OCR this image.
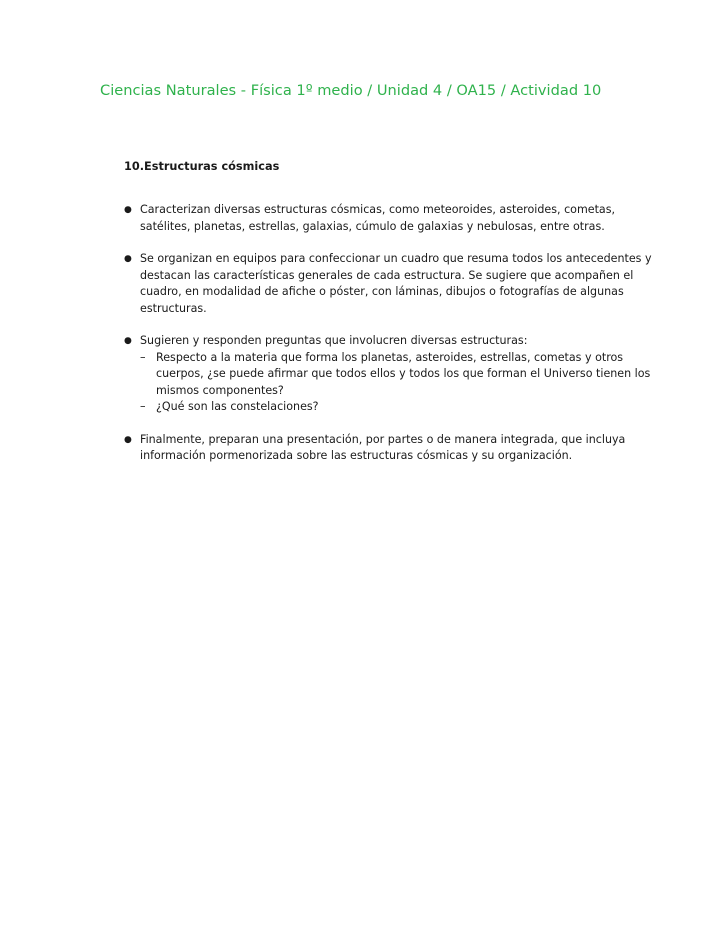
Ciencias Naturales - Física 1º medio / Unidad 4 / OA15 / Actividad 10
10.Estructuras cósmicas
● Caracterizan diversas estructuras cósmicas, como meteoroides, asteroides, cometas, satélites, planetas, estrellas, galaxias, cúmulo de galaxias y nebulosas, entre otras.
● Se organizan en equipos para confeccionar un cuadro que resuma todos los antecedentes y destacan las características generales de cada estructura. Se sugiere que acompañen el cuadro, en modalidad de afiche o póster, con láminas, dibujos o fotografías de algunas estructuras.
● Sugieren y responden preguntas que involucren diversas estructuras:
– Respecto a la materia que forma los planetas, asteroides, estrellas, cometas y otros cuerpos, ¿se puede afirmar que todos ellos y todos los que forman el Universo tienen los mismos componentes?
– ¿Qué son las constelaciones?
● Finalmente, preparan una presentación, por partes o de manera integrada, que incluya información pormenorizada sobre las estructuras cósmicas y su organización.
